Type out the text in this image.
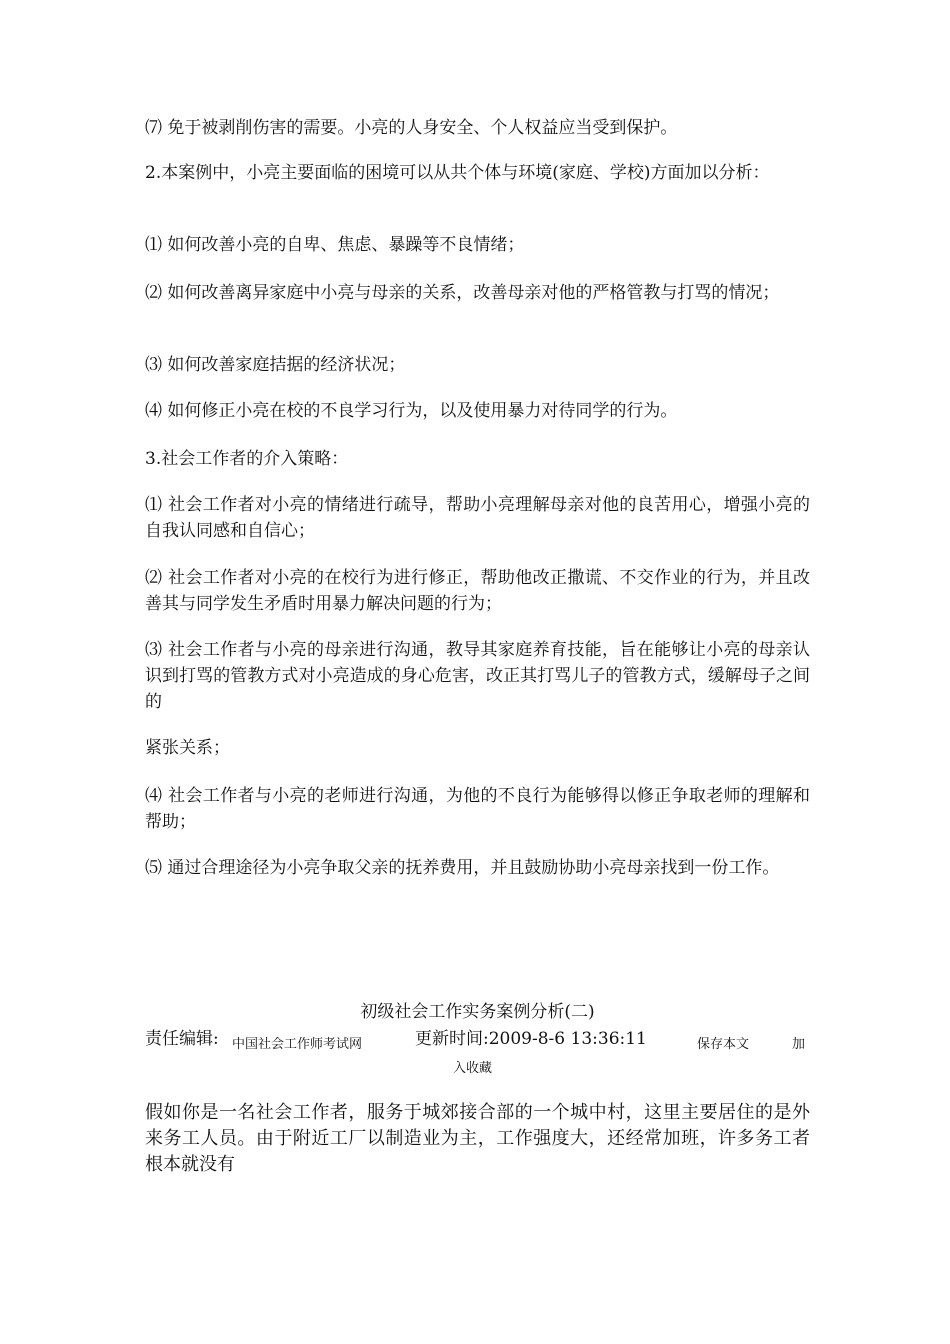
⑺ 免于被剥削伤害的需要。小亮的人身安全、个人权益应当受到保护。

2.本案例中，小亮主要面临的困境可以从共个体与环境(家庭、学校)方面加以分析：

⑴ 如何改善小亮的自卑、焦虑、暴躁等不良情绪；

⑵ 如何改善离异家庭中小亮与母亲的关系，改善母亲对他的严格管教与打骂的情况；

⑶ 如何改善家庭拮据的经济状况；

⑷ 如何修正小亮在校的不良学习行为，以及使用暴力对待同学的行为。

3.社会工作者的介入策略：

⑴ 社会工作者对小亮的情绪进行疏导，帮助小亮理解母亲对他的良苦用心，增强小亮的自我认同感和自信心；

⑵ 社会工作者对小亮的在校行为进行修正，帮助他改正撒谎、不交作业的行为，并且改善其与同学发生矛盾时用暴力解决问题的行为；

⑶ 社会工作者与小亮的母亲进行沟通，教导其家庭养育技能，旨在能够让小亮的母亲认识到打骂的管教方式对小亮造成的身心危害，改正其打骂儿子的管教方式，缓解母子之间的

紧张关系；

⑷ 社会工作者与小亮的老师进行沟通，为他的不良行为能够得以修正争取老师的理解和帮助；

⑸ 通过合理途径为小亮争取父亲的抚养费用，并且鼓励协助小亮母亲找到一份工作。

初级社会工作实务案例分析(二)
责任编辑: 中国社会工作师考试网	更新时间:2009-8-6 13:36:11	保存本文	加
入收藏

假如你是一名社会工作者，服务于城郊接合部的一个城中村，这里主要居住的是外来务工人员。由于附近工厂以制造业为主，工作强度大，还经常加班，许多务工者根本就没有
